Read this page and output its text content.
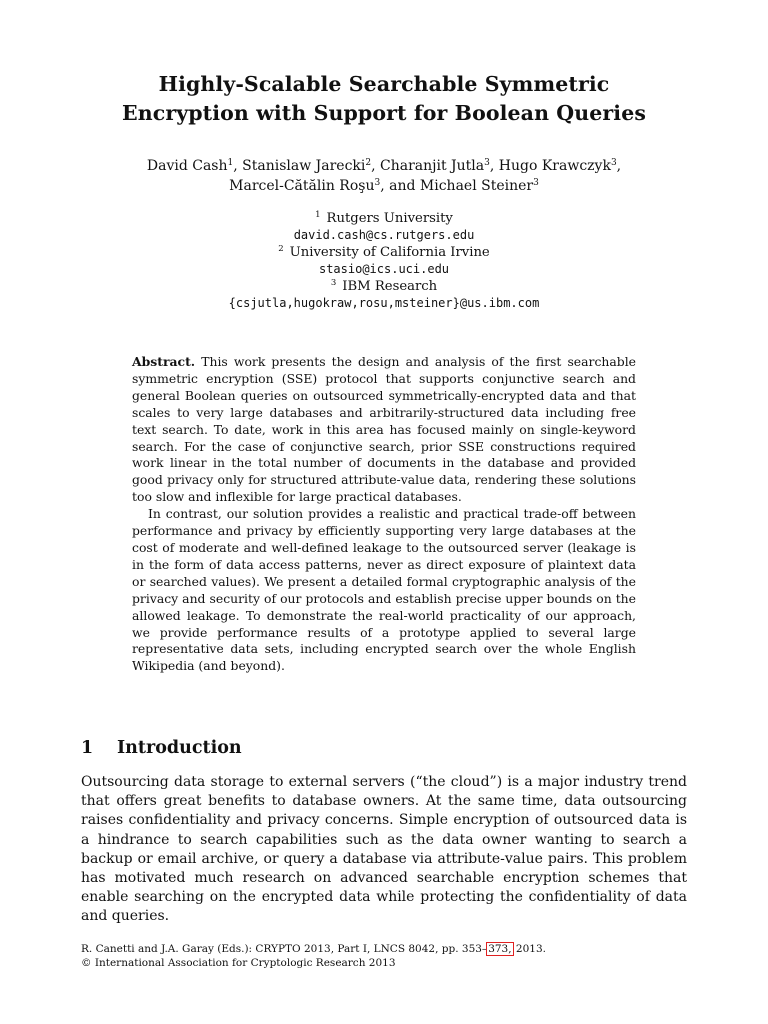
Highly-Scalable Searchable Symmetric
Encryption with Support for Boolean Queries
David Cash$^1$, Stanislaw Jarecki$^2$, Charanjit Jutla$^3$, Hugo Krawczyk$^3$,
Marcel-Cătălin Roşu$^3$, and Michael Steiner$^3$
$^1$ Rutgers University
david.cash@cs.rutgers.edu
$^2$ University of California Irvine
stasio@ics.uci.edu
$^3$ IBM Research
{csjutla,hugokraw,rosu,msteiner}@us.ibm.com

Abstract. This work presents the design and analysis of the first searchable symmetric encryption (SSE) protocol that supports conjunctive search and general Boolean queries on outsourced symmetrically-encrypted data and that scales to very large databases and arbitrarily-structured data including free text search. To date, work in this area has focused mainly on single-keyword search. For the case of conjunctive search, prior SSE constructions required work linear in the total number of documents in the database and provided good privacy only for structured attribute-value data, rendering these solutions too slow and inflexible for large practical databases.

In contrast, our solution provides a realistic and practical trade-off between performance and privacy by efficiently supporting very large databases at the cost of moderate and well-defined leakage to the outsourced server (leakage is in the form of data access patterns, never as direct exposure of plaintext data or searched values). We present a detailed formal cryptographic analysis of the privacy and security of our protocols and establish precise upper bounds on the allowed leakage. To demonstrate the real-world practicality of our approach, we provide performance results of a prototype applied to several large representative data sets, including encrypted search over the whole English Wikipedia (and beyond).

1 Introduction

Outsourcing data storage to external servers (“the cloud”) is a major industry trend that offers great benefits to database owners. At the same time, data outsourcing raises confidentiality and privacy concerns. Simple encryption of outsourced data is a hindrance to search capabilities such as the data owner wanting to search a backup or email archive, or query a database via attribute-value pairs. This problem has motivated much research on advanced searchable encryption schemes that enable searching on the encrypted data while protecting the confidentiality of data and queries.

R. Canetti and J.A. Garay (Eds.): CRYPTO 2013, Part I, LNCS 8042, pp. 353–373, 2013.
© International Association for Cryptologic Research 2013
